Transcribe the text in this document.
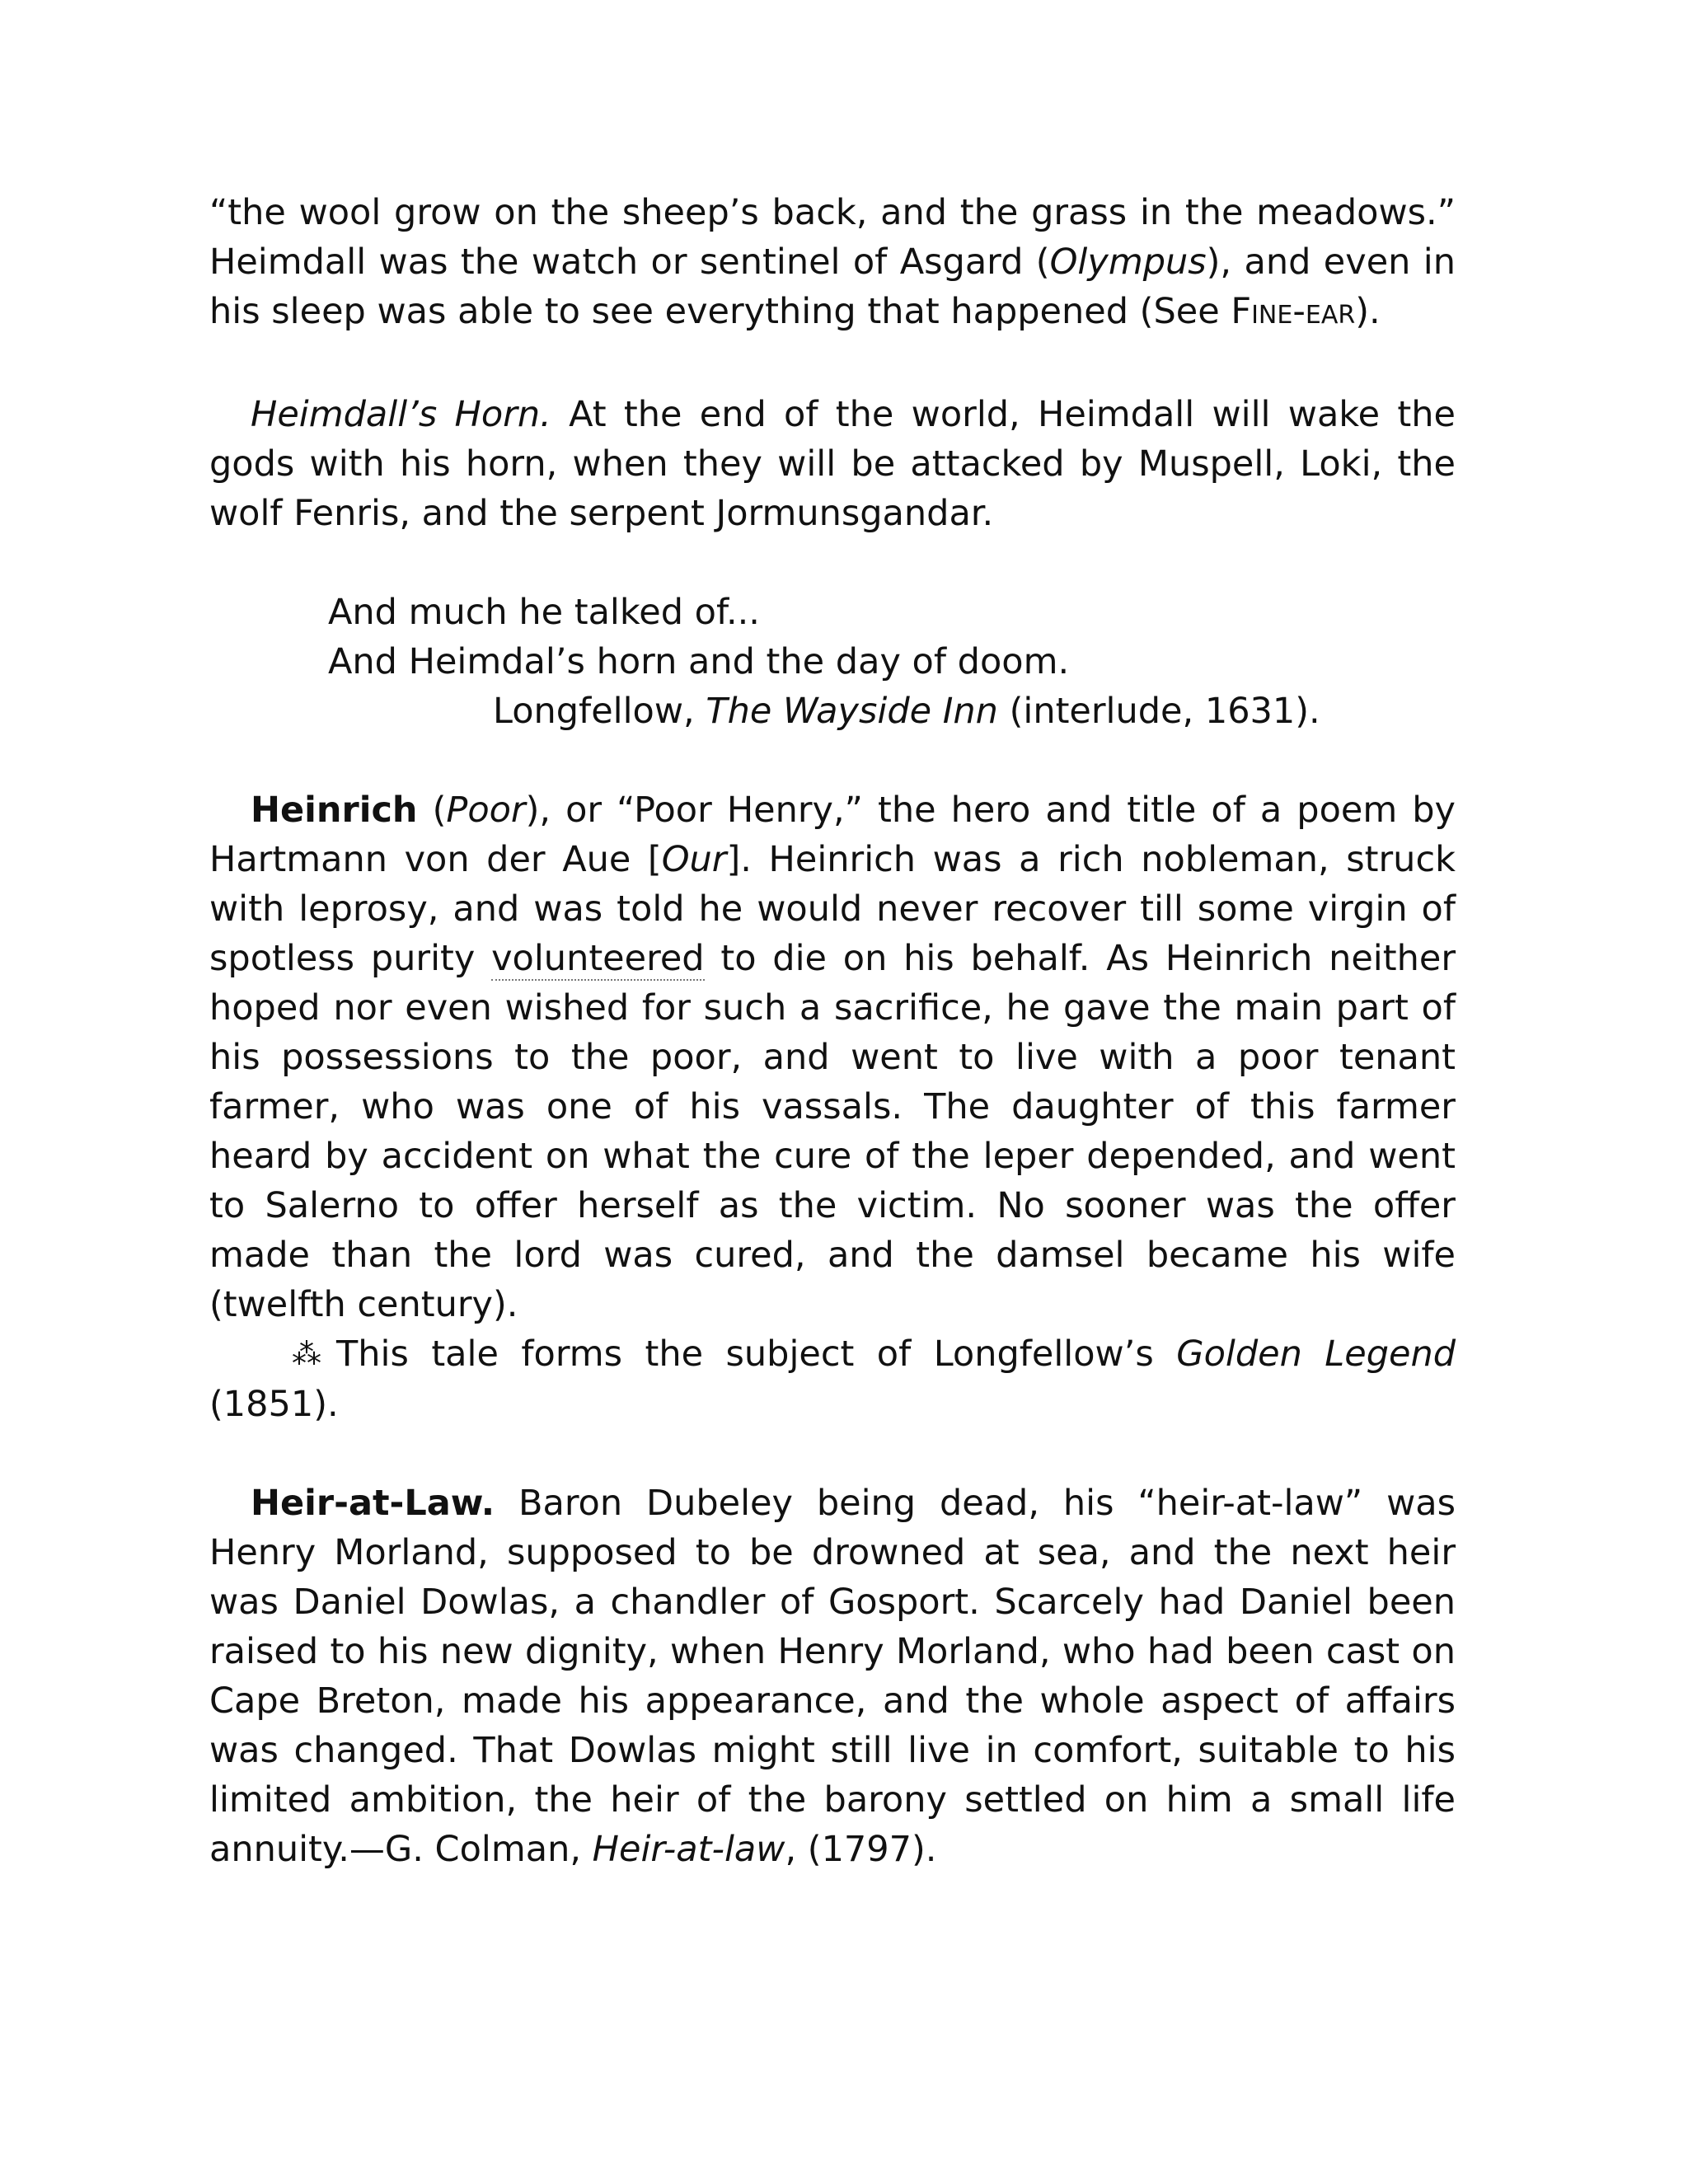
“the wool grow on the sheep’s back, and the grass in the meadows.” Heimdall was the watch or sentinel of Asgard (Olympus), and even in his sleep was able to see everything that happened (See FINE-EAR).

Heimdall’s Horn. At the end of the world, Heimdall will wake the gods with his horn, when they will be attacked by Muspell, Loki, the wolf Fenris, and the serpent Jormunsgandar.

And much he talked of...
And Heimdal’s horn and the day of doom.
Longfellow, The Wayside Inn (interlude, 1631).

Heinrich (Poor), or “Poor Henry,” the hero and title of a poem by Hartmann von der Aue [Our]. Heinrich was a rich nobleman, struck with leprosy, and was told he would never recover till some virgin of spotless purity volunteered to die on his behalf. As Heinrich neither hoped nor even wished for such a sacrifice, he gave the main part of his possessions to the poor, and went to live with a poor tenant farmer, who was one of his vassals. The daughter of this farmer heard by accident on what the cure of the leper depended, and went to Salerno to offer herself as the victim. No sooner was the offer made than the lord was cured, and the damsel became his wife (twelfth century).

⁂ This tale forms the subject of Longfellow’s Golden Legend (1851).

Heir-at-Law. Baron Dubeley being dead, his “heir-at-law” was Henry Morland, supposed to be drowned at sea, and the next heir was Daniel Dowlas, a chandler of Gosport. Scarcely had Daniel been raised to his new dignity, when Henry Morland, who had been cast on Cape Breton, made his appearance, and the whole aspect of affairs was changed. That Dowlas might still live in comfort, suitable to his limited ambition, the heir of the barony settled on him a small life annuity.—G. Colman, Heir-at-law, (1797).
